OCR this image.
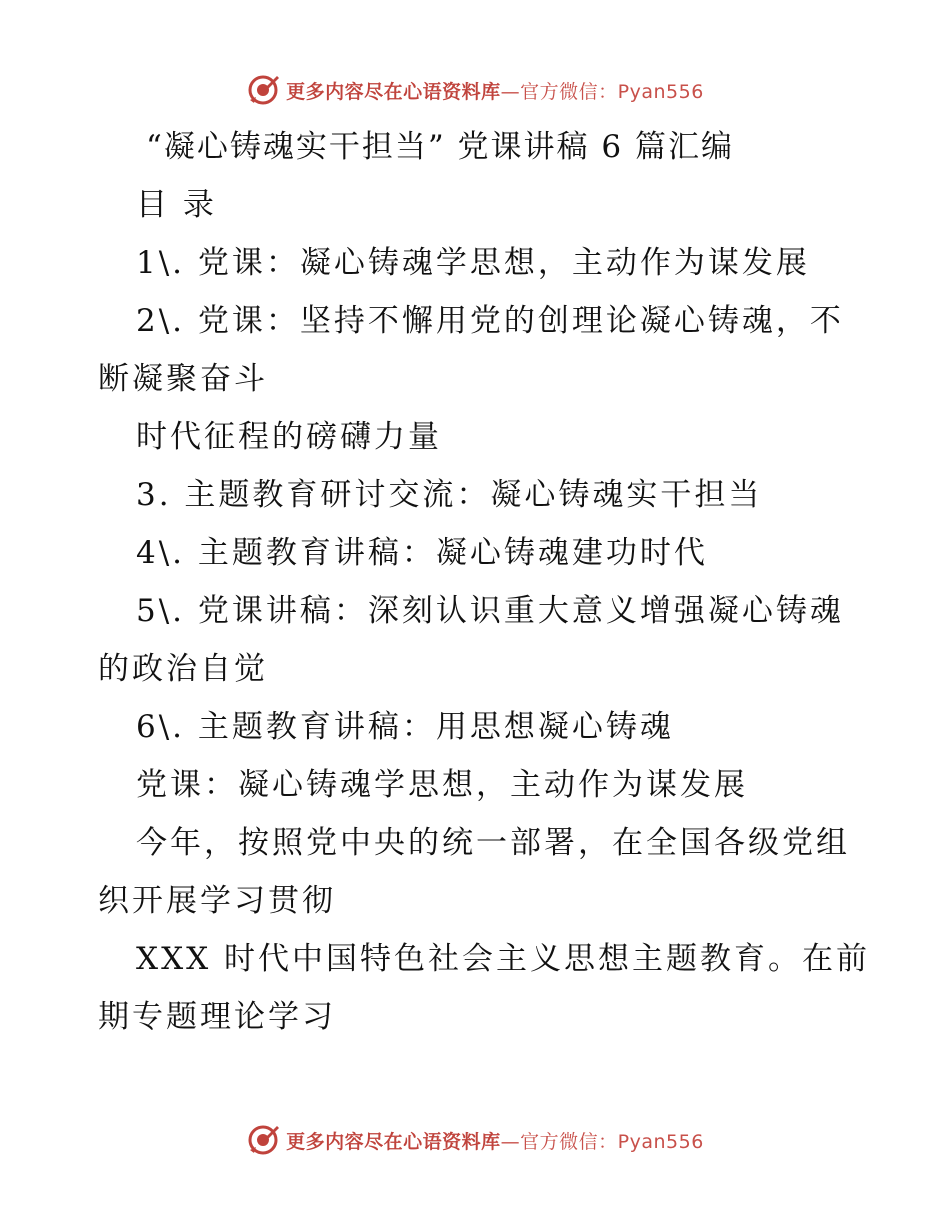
更多内容尽在心语资料库—官方微信：Pyan556
“凝心铸魂实干担当” 党课讲稿 6 篇汇编
目 录
1\. 党课：凝心铸魂学思想，主动作为谋发展
2\. 党课：坚持不懈用党的创理论凝心铸魂，不
断凝聚奋斗
时代征程的磅礴力量
3. 主题教育研讨交流：凝心铸魂实干担当
4\. 主题教育讲稿：凝心铸魂建功时代
5\. 党课讲稿：深刻认识重大意义增强凝心铸魂
的政治自觉
6\. 主题教育讲稿：用思想凝心铸魂
党课：凝心铸魂学思想，主动作为谋发展
今年，按照党中央的统一部署，在全国各级党组
织开展学习贯彻
XXX 时代中国特色社会主义思想主题教育。在前
期专题理论学习
更多内容尽在心语资料库—官方微信：Pyan556
